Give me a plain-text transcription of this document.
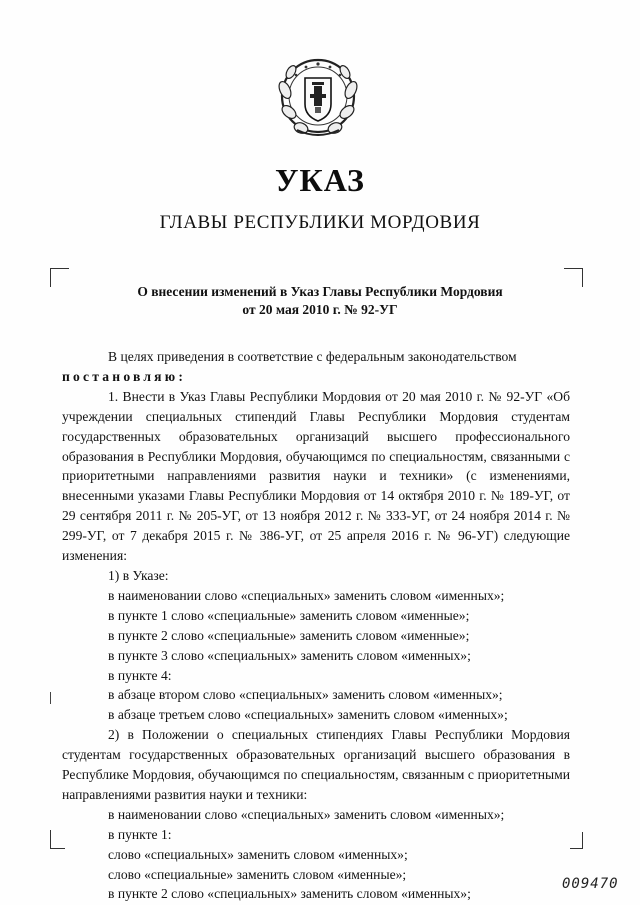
УКАЗ
ГЛАВЫ РЕСПУБЛИКИ МОРДОВИЯ
О внесении изменений в Указ Главы Республики Мордовия
от 20 мая 2010 г. № 92-УГ

В целях приведения в соответствие с федеральным законодательством

постановляю:

1. Внести в Указ Главы Республики Мордовия от 20 мая 2010 г. № 92-УГ «Об учреждении специальных стипендий Главы Республики Мордовия студентам государственных образовательных организаций высшего профессионального образования в Республики Мордовия, обучающимся по специальностям, связанными с приоритетными направлениями развития науки и техники» (с изменениями, внесенными указами Главы Республики Мордовия от 14 октября 2010 г. № 189-УГ, от 29 сентября 2011 г. № 205-УГ, от 13 ноября 2012 г. № 333-УГ, от 24 ноября 2014 г. № 299-УГ, от 7 декабря 2015 г. № 386-УГ, от 25 апреля 2016 г. № 96-УГ) следующие изменения:

1) в Указе:
в наименовании слово «специальных» заменить словом «именных»;
в пункте 1 слово «специальные» заменить словом «именные»;
в пункте 2 слово «специальные» заменить словом «именные»;
в пункте 3 слово «специальных» заменить словом «именных»;
в пункте 4:
в абзаце втором слово «специальных» заменить словом «именных»;
в абзаце третьем слово «специальных» заменить словом «именных»;

2) в Положении о специальных стипендиях Главы Республики Мордовия студентам государственных образовательных организаций высшего образования в Республике Мордовия, обучающимся по специальностям, связанным с приоритетными направлениями развития науки и техники:

в наименовании слово «специальных» заменить словом «именных»;
в пункте 1:
слово «специальных» заменить словом «именных»;
слово «специальные» заменить словом «именные»;
в пункте 2 слово «специальных» заменить словом «именных»;
009470
